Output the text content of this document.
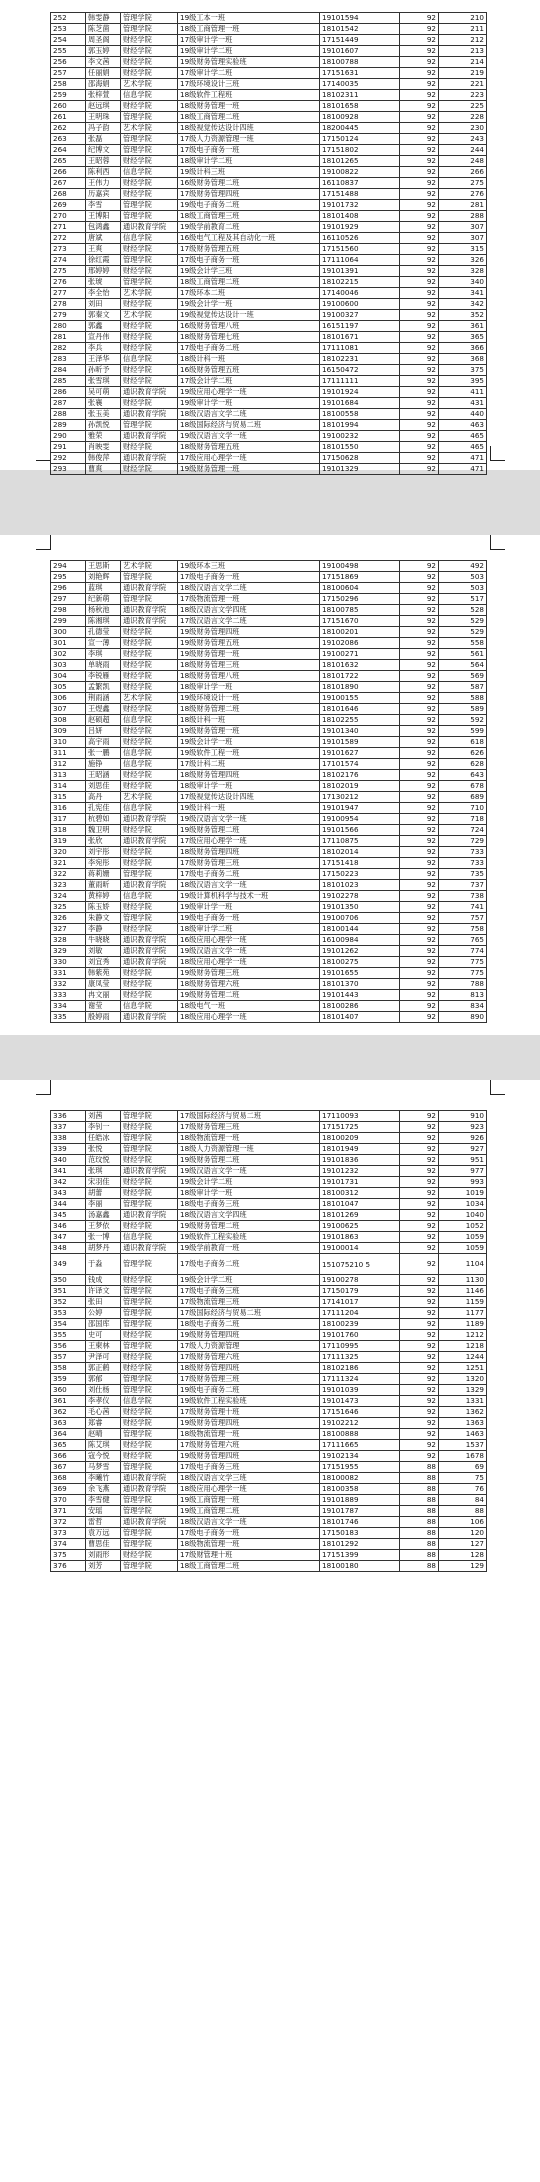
252	韩雯静	管理学院	19级工本一班	19101594	92	210
253	陈芝菌	管理学院	18级工商管理一班	18101542	92	211
254	周圣阁	财经学院	17级审计学一班	17151449	92	212
255	郭玉婷	财经学院	19级审计学二班	19101607	92	213
256	李文茜	财经学院	19级财务管理实验班	18100788	92	214
257	任丽娟	财经学院	17级审计学二班	17151631	92	219
258	邵海娟	艺术学院	17级环境设计三班	17140035	92	221
259	张梓萱	信息学院	18级软件工程班	18102311	92	223
260	赵远琪	财经学院	18级财务管理一班	18101658	92	225
261	王明珠	管理学院	18级工商管理二班	18100928	92	228
262	冯子韵	艺术学院	18级视觉传达设计四班	18200445	92	230
263	张磊	管理学院	17级人力资源管理一班	17150124	92	243
264	纪博文	管理学院	17级电子商务一班	17151802	92	244
265	王昭蓉	财经学院	18级审计学二班	18101265	92	248
266	陈利西	信息学院	19级计科三班	19100822	92	266
267	王伟力	财经学院	16级财务管理二班	16110837	92	275
268	历嘉宾	财经学院	17级财务管理四班	17151488	92	276
269	李雪	管理学院	19级电子商务二班	19101732	92	281
270	王博阳	管理学院	18级工商管理三班	18101408	92	288
271	包鸿鑫	通识教育学院	19级学前教育二班	19101929	92	307
272	唐斌	信息学院	16级电气工程及其自动化一班	16110526	92	307
273	王爽	财经学院	17级财务管理五班	17151560	92	315
274	徐红霞	管理学院	17级电子商务一班	17111064	92	326
275	邢婷婷	财经学院	19级会计学三班	19101391	92	328
276	张琥	管理学院	18级工商管理二班	18102215	92	340
277	李全怡	艺术学院	17级环本二班	17140046	92	341
278	刘田	财经学院	19级会计学一班	19100600	92	342
279	郭秦文	艺术学院	19级视觉传达设计一班	19100327	92	352
280	郭鑫	财经学院	16级财务管理八班	16151197	92	361
281	宣丹伟	财经学院	18级财务管理七班	18101671	92	365
282	李兵	财经学院	17级电子商务二班	17111081	92	366
283	王泽华	信息学院	18级计科一班	18102231	92	368
284	孙昕予	财经学院	16级财务管理五班	16150472	92	375
285	张雪琪	财经学院	17级会计学二班	17111111	92	395
286	吴可萌	通识教育学院	19级应用心理学一班	19101924	92	411
287	张襄	财经学院	19级审计学一班	19101684	92	431
288	张玉美	通识教育学院	18级汉语言文学二班	18100558	92	440
289	孙凯悦	管理学院	18级国际经济与贸易二班	18101994	92	463
290	雅荣	通识教育学院	19级汉语言文学一班	19100232	92	465
291	肖映雯	财经学院	18级财务管理五班	18101550	92	465
292	韩俊萍	通识教育学院	17级应用心理学一班	17150628	92	471
293	曹爽	财经学院	19级财务管理一班	19101329	92	471
294	王思斯	艺术学院	19级环本三班	19100498	92	492
295	刘艳辉	管理学院	17级电子商务一班	17151869	92	503
296	蓝琪	通识教育学院	18级汉语言文学二班	18100604	92	503
297	纪新萌	管理学院	17级物流管理一班	17150296	92	517
298	杨秋池	通识教育学院	18级汉语言文学四班	18100785	92	528
299	陈湘琪	通识教育学院	17级汉语言文学二班	17151670	92	529
300	孔德莹	财经学院	19级财务管理四班	18100201	92	529
301	宣一薄	财经学院	19级财务管理五班	19102086	92	558
302	李琪	财经学院	19级财务管理一班	19100271	92	561
303	单晓雨	财经学院	18级财务管理三班	18101632	92	564
304	李锐雁	财经学院	18级财务管理八班	18101722	92	569
305	孟繁凯	财经学院	18级审计学一班	18101890	92	587
306	荆雨涵	艺术学院	19级环境设计一班	19100155	92	588
307	王煜鑫	财经学院	18级财务管理二班	18101646	92	589
308	赵硕超	信息学院	18级计科一班	18102255	92	592
309	吕妍	财经学院	19级财务管理一班	19101340	92	599
310	高宇雨	财经学院	19级会计学一班	19101589	92	618
311	张一鹏	信息学院	19级软件工程一班	19101627	92	626
312	施铮	信息学院	17级计科二班	17101574	92	628
313	王昭涵	财经学院	18级财务管理四班	18102176	92	643
314	刘思佳	财经学院	18级审计学一班	18102019	92	678
315	高丹	艺术学院	17级视觉传达设计四班	17130212	92	689
316	孔宪佳	信息学院	19级计科一班	19101947	92	710
317	杭碧如	通识教育学院	19级汉语言文学一班	19100954	92	718
318	魏卫明	财经学院	19级财务管理二班	19101566	92	724
319	张欣	通识教育学院	17级应用心理学一班	17110875	92	729
320	刘宇彤	财经学院	18级财务管理四班	18102014	92	733
321	李宛彤	财经学院	17级财务管理三班	17151418	92	733
322	蒋莉姗	管理学院	17级电子商务二班	17150223	92	735
323	董雨昕	通识教育学院	18级汉语言文学一班	18101023	92	737
324	黄梓婷	信息学院	19级计算机科学与技术一班	19102278	92	738
325	陈玉娇	财经学院	19级审计学一班	19101350	92	741
326	朱静文	管理学院	19级电子商务一班	19100706	92	757
327	李静	财经学院	18级审计学二班	18100144	92	758
328	牛晓晓	通识教育学院	16级应用心理学一班	16100984	92	765
329	刘敏	通识教育学院	19级汉语言文学一班	19101262	92	774
330	刘宜秀	通识教育学院	18级应用心理学一班	18100275	92	775
331	韩紫苑	财经学院	19级财务管理三班	19101655	92	775
332	康凤莹	财经学院	18级财务管理六班	18101370	92	788
333	冉文丽	财经学院	19级财务管理二班	19101443	92	813
334	谢莹	信息学院	18级电气一班	18100286	92	834
335	殷婷雨	通识教育学院	18级应用心理学一班	18101407	92	890
336	刘茜	管理学院	17级国际经济与贸易二班	17110093	92	910
337	李钊一	财经学院	17级财务管理三班	17151725	92	923
338	任皓冰	管理学院	18级物流管理一班	18100209	92	926
339	张悦	管理学院	18级人力资源管理一班	18101949	92	927
340	范玟悦	财经学院	19级财务管理二班	19101836	92	951
341	张琪	通识教育学院	19级汉语言文学一班	19101232	92	977
342	宋羽佳	财经学院	19级会计学二班	19101731	92	993
343	胡蕾	财经学院	18级审计学一班	18100312	92	1019
344	李丽	管理学院	18级电子商务三班	18101047	92	1034
345	汤嘉鑫	通识教育学院	18级汉语言文学四班	18101269	92	1040
346	王梦依	财经学院	19级财务管理二班	19100625	92	1052
347	张一博	信息学院	19级软件工程实验班	19101863	92	1059
348	胡梦丹	通识教育学院	19级学前教育一班	19100014	92	1059
349	于淼	管理学院	17级电子商务二班	151075210 5	92	1104
350	钱成	财经学院	19级会计学二班	19100278	92	1130
351	许译文	管理学院	17级电子商务三班	17150179	92	1146
352	张田	管理学院	17级物流管理三班	17141017	92	1159
353	公婷	管理学院	17级国际经济与贸易二班	17111204	92	1177
354	邵国库	管理学院	18级电子商务二班	18100239	92	1189
355	史可	财经学院	19级财务管理四班	19101760	92	1212
356	王柬林	管理学院	17级人力资源管理	17110995	92	1218
357	尹泽可	财经学院	17级财务管理六班	17111325	92	1244
358	郭正鹤	财经学院	18级财务管理四班	18102186	92	1251
359	郭郁	管理学院	17级财务管理三班	17111324	92	1320
360	刘仕杨	管理学院	19级电子商务二班	19101039	92	1329
361	李孝仪	信息学院	19级软件工程实验班	19101473	92	1331
362	毛心茜	财经学院	17级财务管理十班	17151646	92	1362
363	郑睿	财经学院	19级财务管理四班	19102212	92	1363
364	赵晴	管理学院	18级物流管理一班	18100888	92	1463
365	陈艾琪	财经学院	17级财务管理六班	17111665	92	1537
366	寇今悦	财经学院	19级财务管理四班	19102134	92	1678
367	马梦雪	管理学院	17级电子商务三班	17151955	88	69
368	李曦竹	通识教育学院	18级汉语言文学三班	18100082	88	75
369	余飞燕	通识教育学院	18级应用心理学一班	18100358	88	76
370	李雪健	管理学院	19级工商管理一班	19101889	88	84
371	安瑶	管理学院	19级工商管理二班	19101787	88	88
372	雷哲	通识教育学院	18级汉语言文学一班	18101746	88	106
373	袁万远	管理学院	17级电子商务一班	17150183	88	120
374	曹思佳	管理学院	18级物流管理一班	18101292	88	127
375	刘雨形	财经学院	17级财管理十班	17151399	88	128
376	刘芳	管理学院	18级工商管理二班	18100180	88	129
